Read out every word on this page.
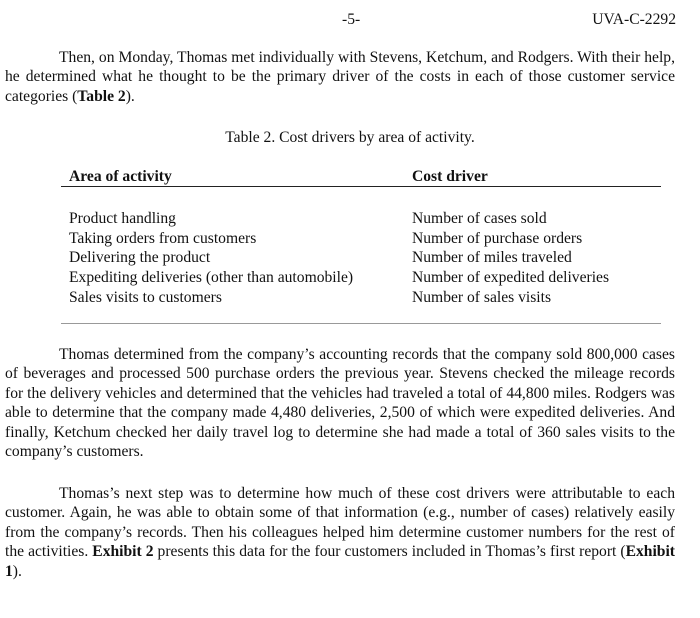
-5-	UVA-C-2292

Then, on Monday, Thomas met individually with Stevens, Ketchum, and Rodgers. With their help, he determined what he thought to be the primary driver of the costs in each of those customer service categories (Table 2).

Table 2. Cost drivers by area of activity.
Area of activity	Cost driver
Product handling	Number of cases sold
Taking orders from customers	Number of purchase orders
Delivering the product	Number of miles traveled
Expediting deliveries (other than automobile)	Number of expedited deliveries
Sales visits to customers	Number of sales visits

Thomas determined from the company’s accounting records that the company sold 800,000 cases of beverages and processed 500 purchase orders the previous year. Stevens checked the mileage records for the delivery vehicles and determined that the vehicles had traveled a total of 44,800 miles. Rodgers was able to determine that the company made 4,480 deliveries, 2,500 of which were expedited deliveries. And finally, Ketchum checked her daily travel log to determine she had made a total of 360 sales visits to the company’s customers.

Thomas’s next step was to determine how much of these cost drivers were attributable to each customer. Again, he was able to obtain some of that information (e.g., number of cases) relatively easily from the company’s records. Then his colleagues helped him determine customer numbers for the rest of the activities. Exhibit 2 presents this data for the four customers included in Thomas’s first report (Exhibit 1).
